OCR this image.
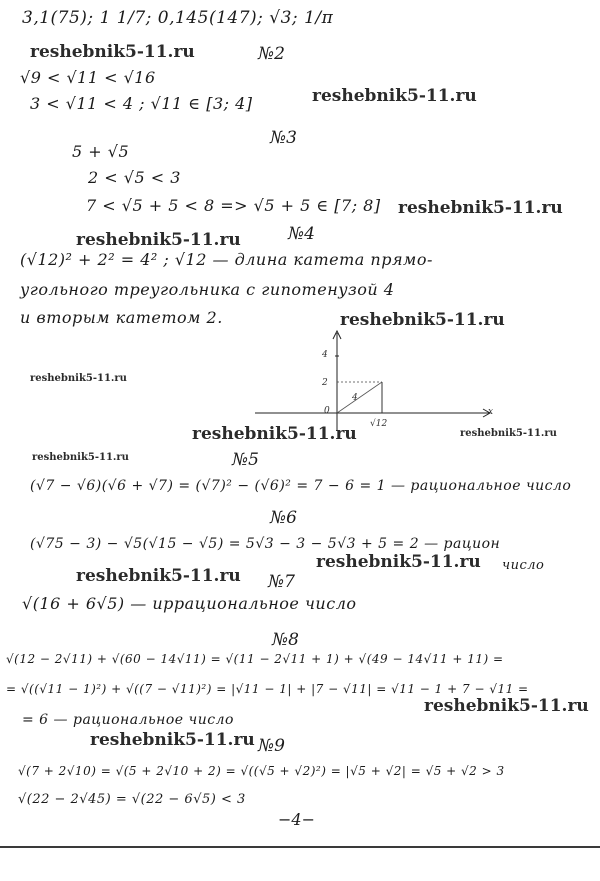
3,1(75); 1 1/7; 0,145(147); √3; 1/π
№2
√9 < √11 < √16
3 < √11 < 4 ; √11 ∈ [3; 4]
№3
5 + √5
2 < √5 < 3
7 < √5 + 5 < 8 => √5 + 5 ∈ [7; 8]
№4
(√12)² + 2² = 4² ; √12 — длина катета прямо-
угольного треугольника с гипотенузой 4
и вторым катетом 2.
4
2
0	x
4
√12
№5
(√7 − √6)(√6 + √7) = (√7)² − (√6)² = 7 − 6 = 1 — рациональное число
№6
(√75 − 3) − √5(√15 − √5) = 5√3 − 3 − 5√3 + 5 = 2 — рацион
число
№7
√(16 + 6√5) — иррациональное число
№8
√(12 − 2√11) + √(60 − 14√11) = √(11 − 2√11 + 1) + √(49 − 14√11 + 11) =
= √((√11 − 1)²) + √((7 − √11)²) = |√11 − 1| + |7 − √11| = √11 − 1 + 7 − √11 =
= 6 — рациональное число
№9
√(7 + 2√10) = √(5 + 2√10 + 2) = √((√5 + √2)²) = |√5 + √2| = √5 + √2 > 3
√(22 − 2√45) = √(22 − 6√5) < 3
−4−
reshebnik5-11.ru
reshebnik5-11.ru
reshebnik5-11.ru
reshebnik5-11.ru
reshebnik5-11.ru
reshebnik5-11.ru
reshebnik5-11.ru	reshebnik5-11.ru
reshebnik5-11.ru
reshebnik5-11.ru
reshebnik5-11.ru
reshebnik5-11.ru
reshebnik5-11.ru
